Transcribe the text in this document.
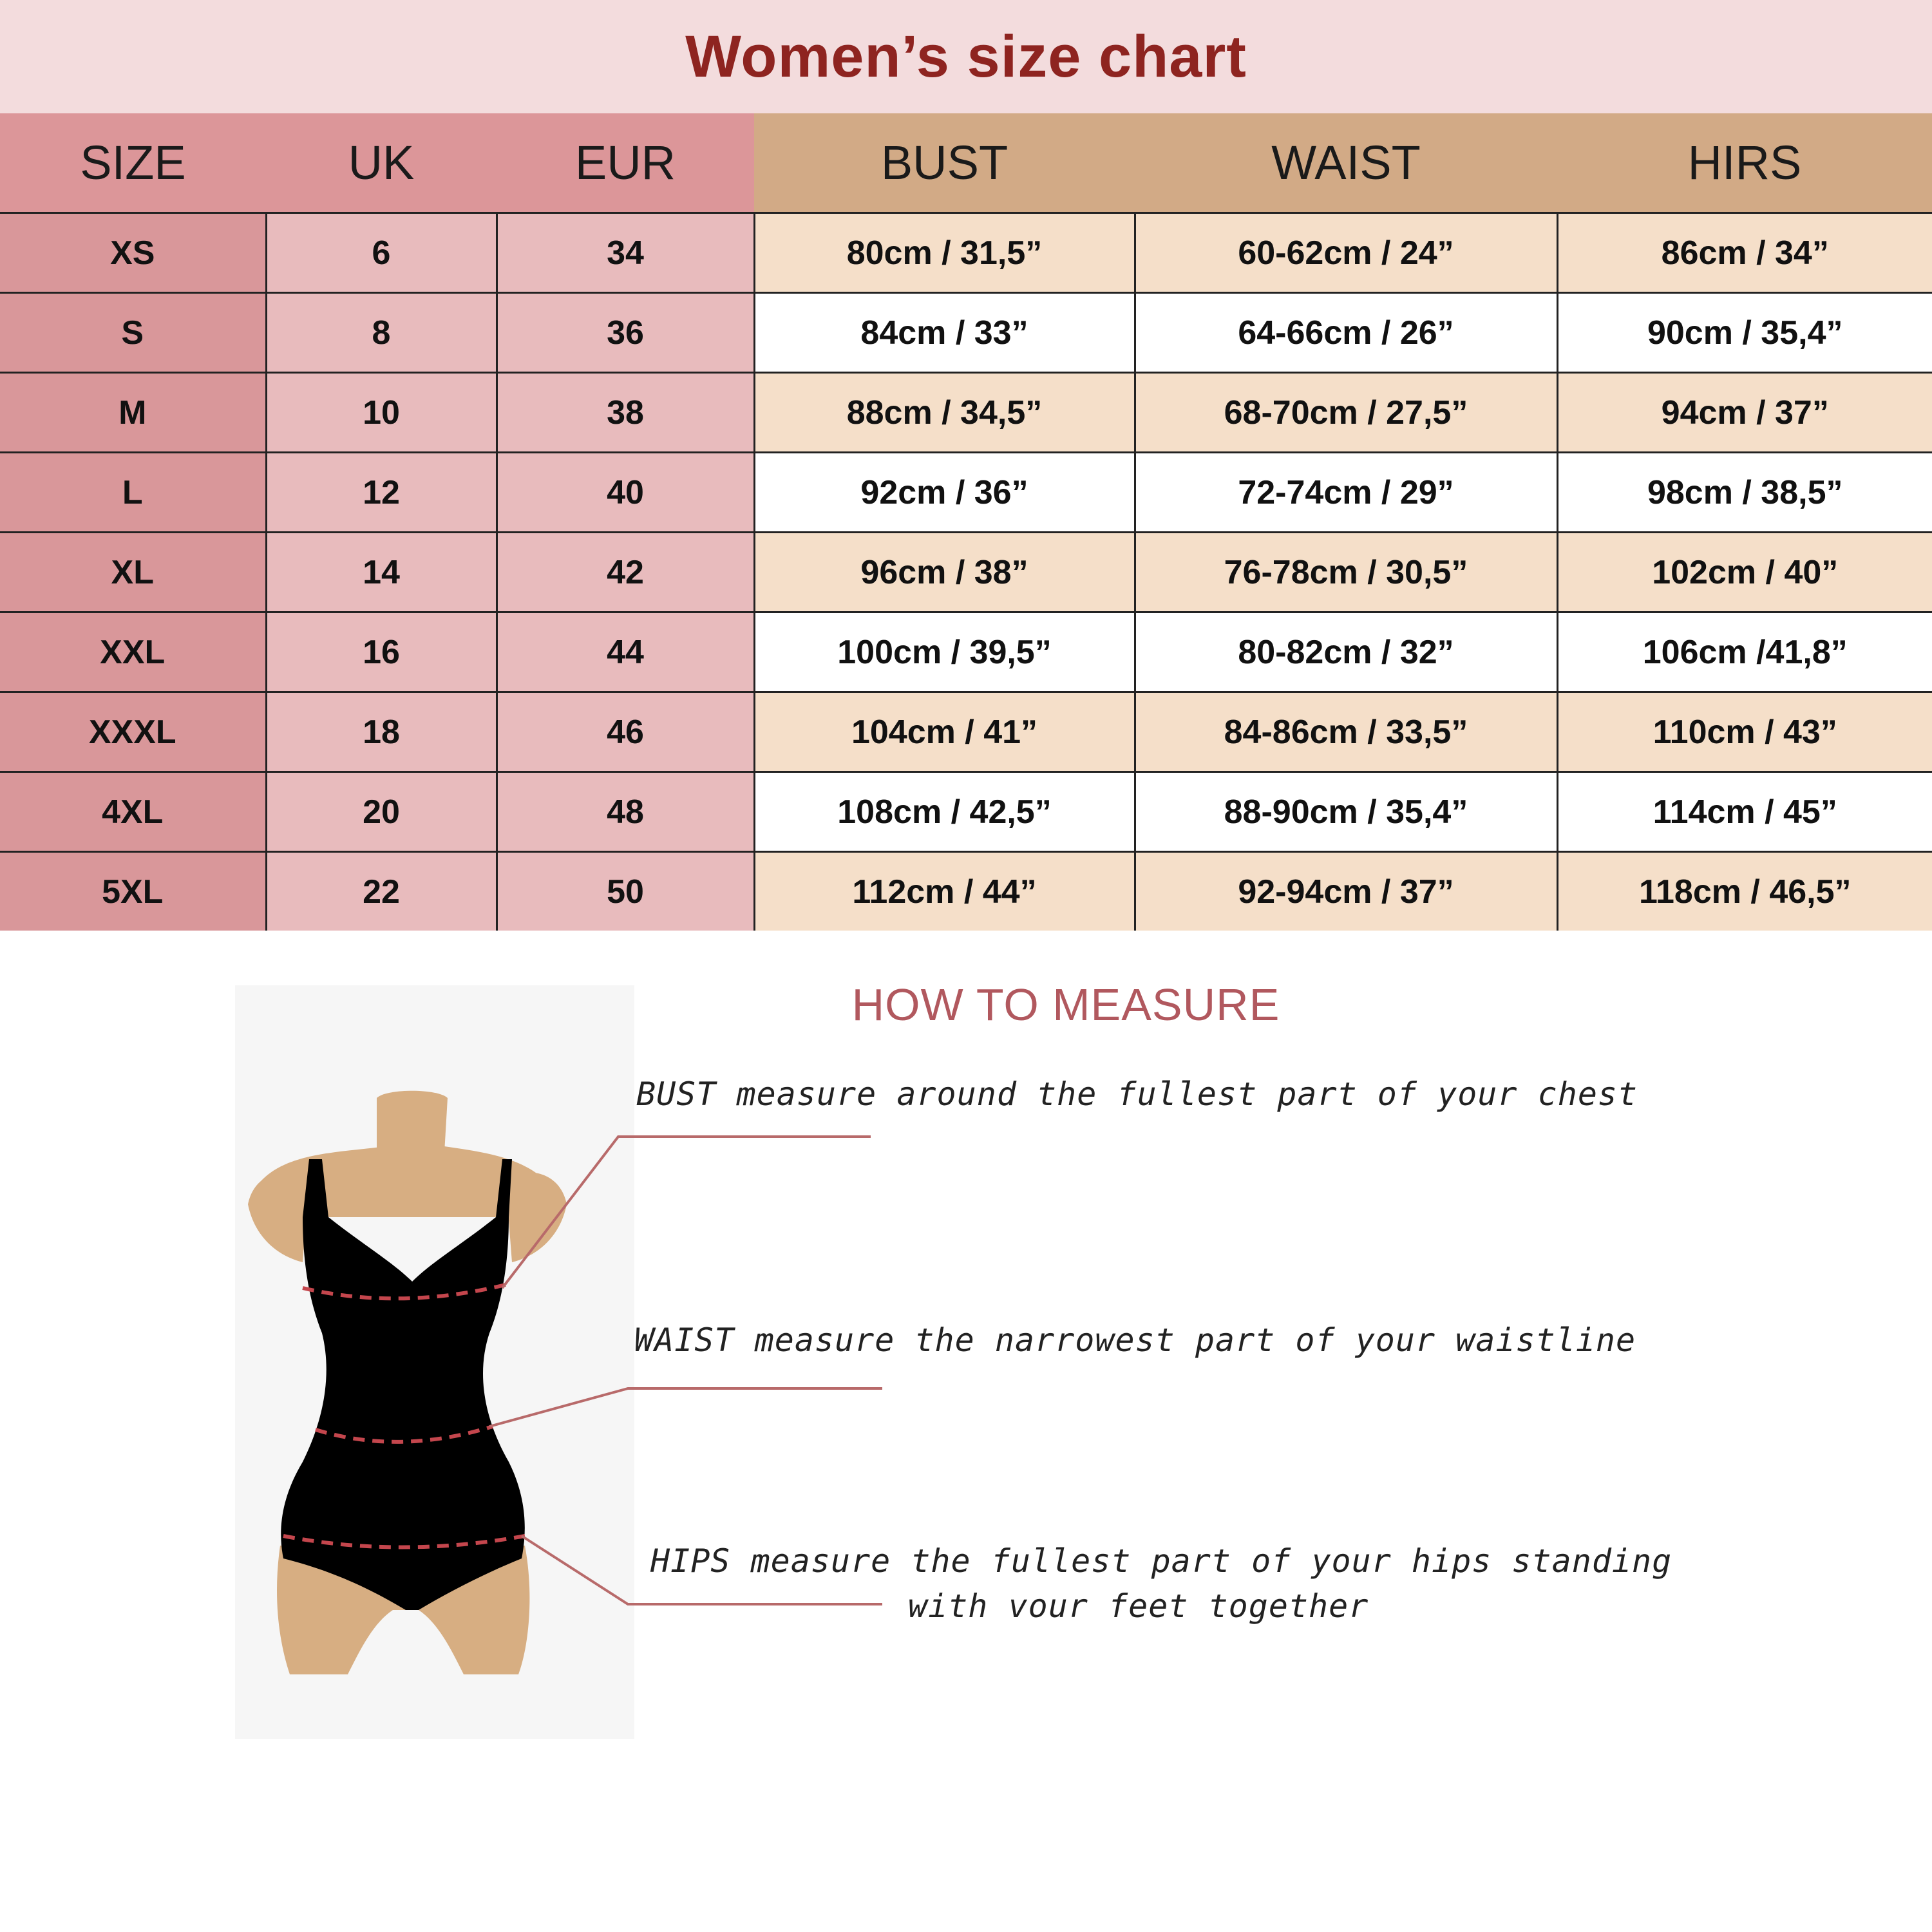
Women’s size chart
SIZE	UK	EUR	BUST	WAIST	HIRS
XS	6	34	80cm / 31,5”	60-62cm / 24”	86cm / 34”
S	8	36	84cm / 33”	64-66cm / 26”	90cm / 35,4”
M	10	38	88cm / 34,5”	68-70cm / 27,5”	94cm / 37”
L	12	40	92cm / 36”	72-74cm / 29”	98cm / 38,5”
XL	14	42	96cm / 38”	76-78cm / 30,5”	102cm / 40”
XXL	16	44	100cm / 39,5”	80-82cm / 32”	106cm /41,8”
XXXL	18	46	104cm / 41”	84-86cm / 33,5”	110cm / 43”
4XL	20	48	108cm / 42,5”	88-90cm / 35,4”	114cm / 45”
5XL	22	50	112cm / 44”	92-94cm / 37”	118cm / 46,5”
HOW TO MEASURE
BUST measure around the fullest part of your chest
WAIST measure the narrowest part of your waistline
HIPS measure the fullest part of your hips standing
with vour feet together
